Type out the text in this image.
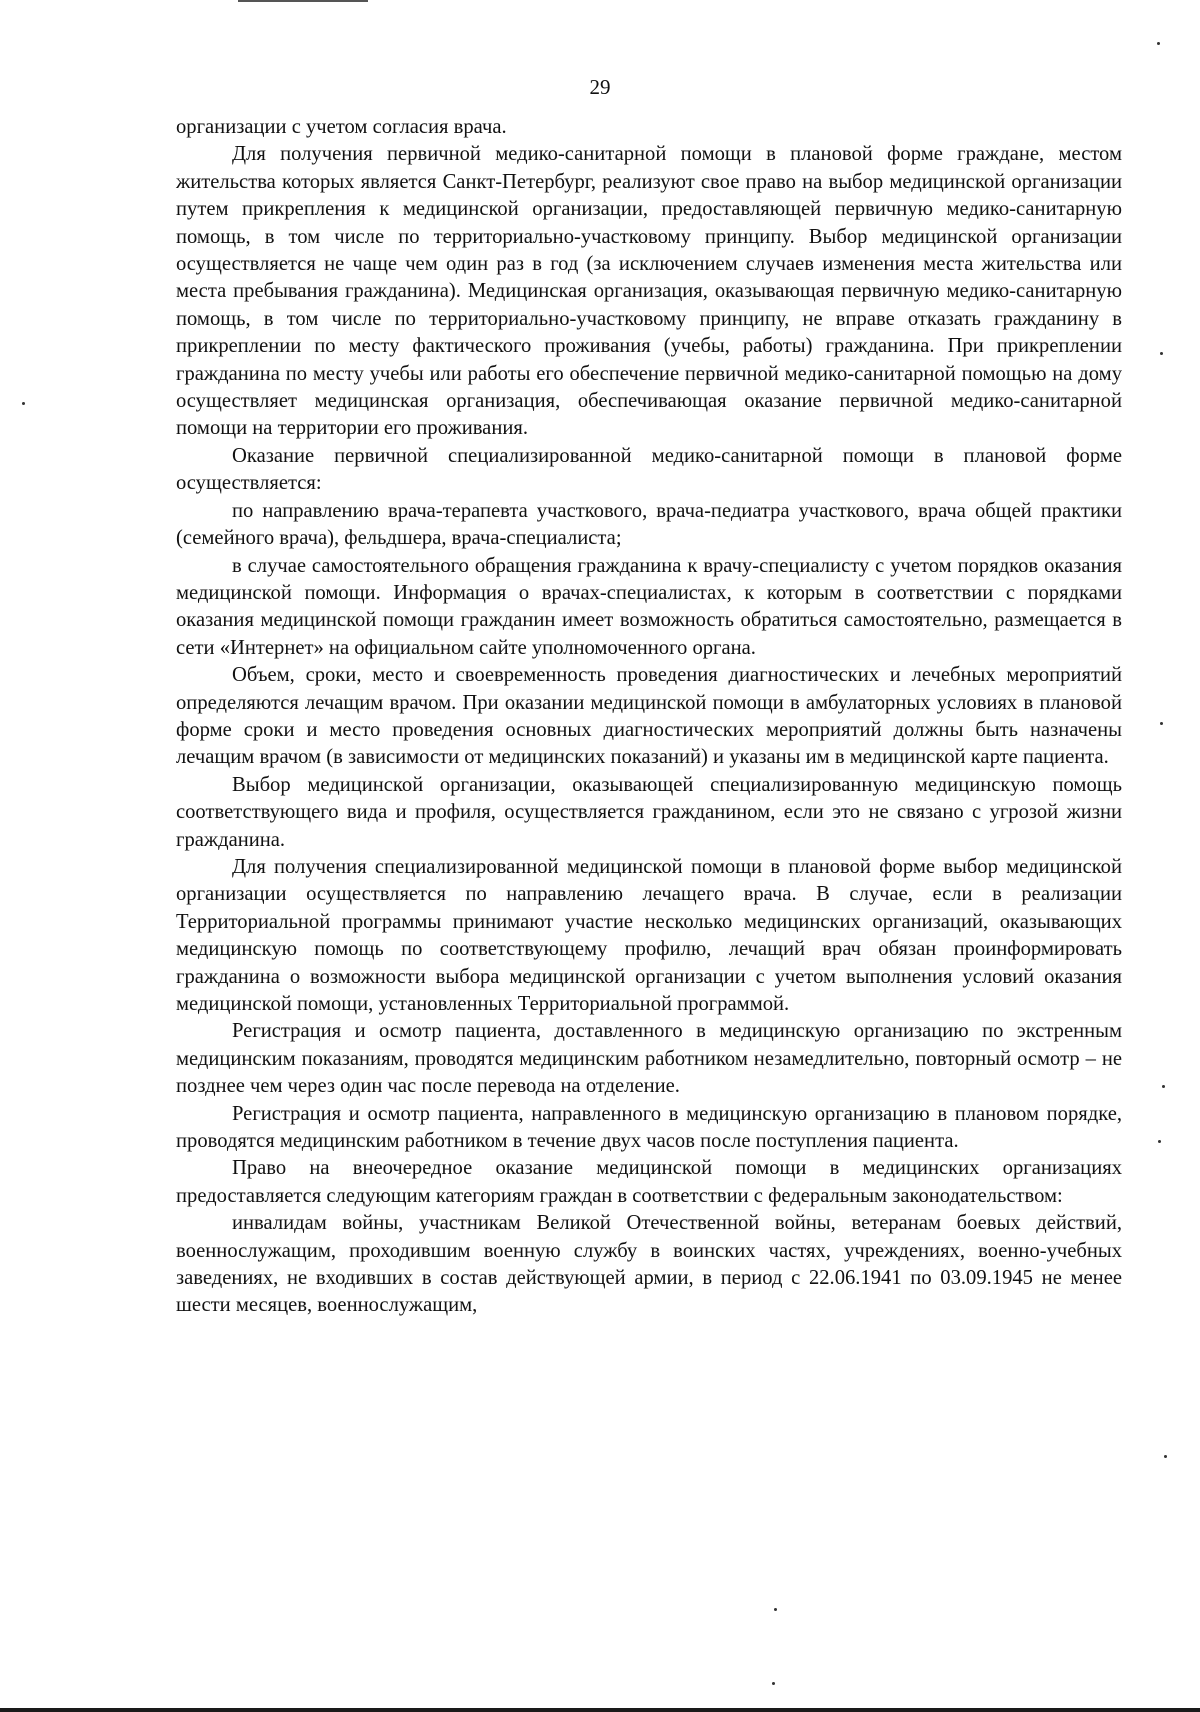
29

организации с учетом согласия врача.

Для получения первичной медико-санитарной помощи в плановой форме граждане, местом жительства которых является Санкт-Петербург, реализуют свое право на выбор медицинской организации путем прикрепления к медицинской организации, предоставляющей первичную медико-санитарную помощь, в том числе по территориально-участковому принципу. Выбор медицинской организации осуществляется не чаще чем один раз в год (за исключением случаев изменения места жительства или места пребывания гражданина). Медицинская организация, оказывающая первичную медико-санитарную помощь, в том числе по территориально-участковому принципу, не вправе отказать гражданину в прикреплении по месту фактического проживания (учебы, работы) гражданина. При прикреплении гражданина по месту учебы или работы его обеспечение первичной медико-санитарной помощью на дому осуществляет медицинская организация, обеспечивающая оказание первичной медико-санитарной помощи на территории его проживания.

Оказание первичной специализированной медико-санитарной помощи в плановой форме осуществляется:

по направлению врача-терапевта участкового, врача-педиатра участкового, врача общей практики (семейного врача), фельдшера, врача-специалиста;

в случае самостоятельного обращения гражданина к врачу-специалисту с учетом порядков оказания медицинской помощи. Информация о врачах-специалистах, к которым в соответствии с порядками оказания медицинской помощи гражданин имеет возможность обратиться самостоятельно, размещается в сети «Интернет» на официальном сайте уполномоченного органа.

Объем, сроки, место и своевременность проведения диагностических и лечебных мероприятий определяются лечащим врачом. При оказании медицинской помощи в амбулаторных условиях в плановой форме сроки и место проведения основных диагностических мероприятий должны быть назначены лечащим врачом (в зависимости от медицинских показаний) и указаны им в медицинской карте пациента.

Выбор медицинской организации, оказывающей специализированную медицинскую помощь соответствующего вида и профиля, осуществляется гражданином, если это не связано с угрозой жизни гражданина.

Для получения специализированной медицинской помощи в плановой форме выбор медицинской организации осуществляется по направлению лечащего врача. В случае, если в реализации Территориальной программы принимают участие несколько медицинских организаций, оказывающих медицинскую помощь по соответствующему профилю, лечащий врач обязан проинформировать гражданина о возможности выбора медицинской организации с учетом выполнения условий оказания медицинской помощи, установленных Территориальной программой.

Регистрация и осмотр пациента, доставленного в медицинскую организацию по экстренным медицинским показаниям, проводятся медицинским работником незамедлительно, повторный осмотр – не позднее чем через один час после перевода на отделение.

Регистрация и осмотр пациента, направленного в медицинскую организацию в плановом порядке, проводятся медицинским работником в течение двух часов после поступления пациента.

Право на внеочередное оказание медицинской помощи в медицинских организациях предоставляется следующим категориям граждан в соответствии с федеральным законодательством:

инвалидам войны, участникам Великой Отечественной войны, ветеранам боевых действий, военнослужащим, проходившим военную службу в воинских частях, учреждениях, военно-учебных заведениях, не входивших в состав действующей армии, в период с 22.06.1941 по 03.09.1945 не менее шести месяцев, военнослужащим,
